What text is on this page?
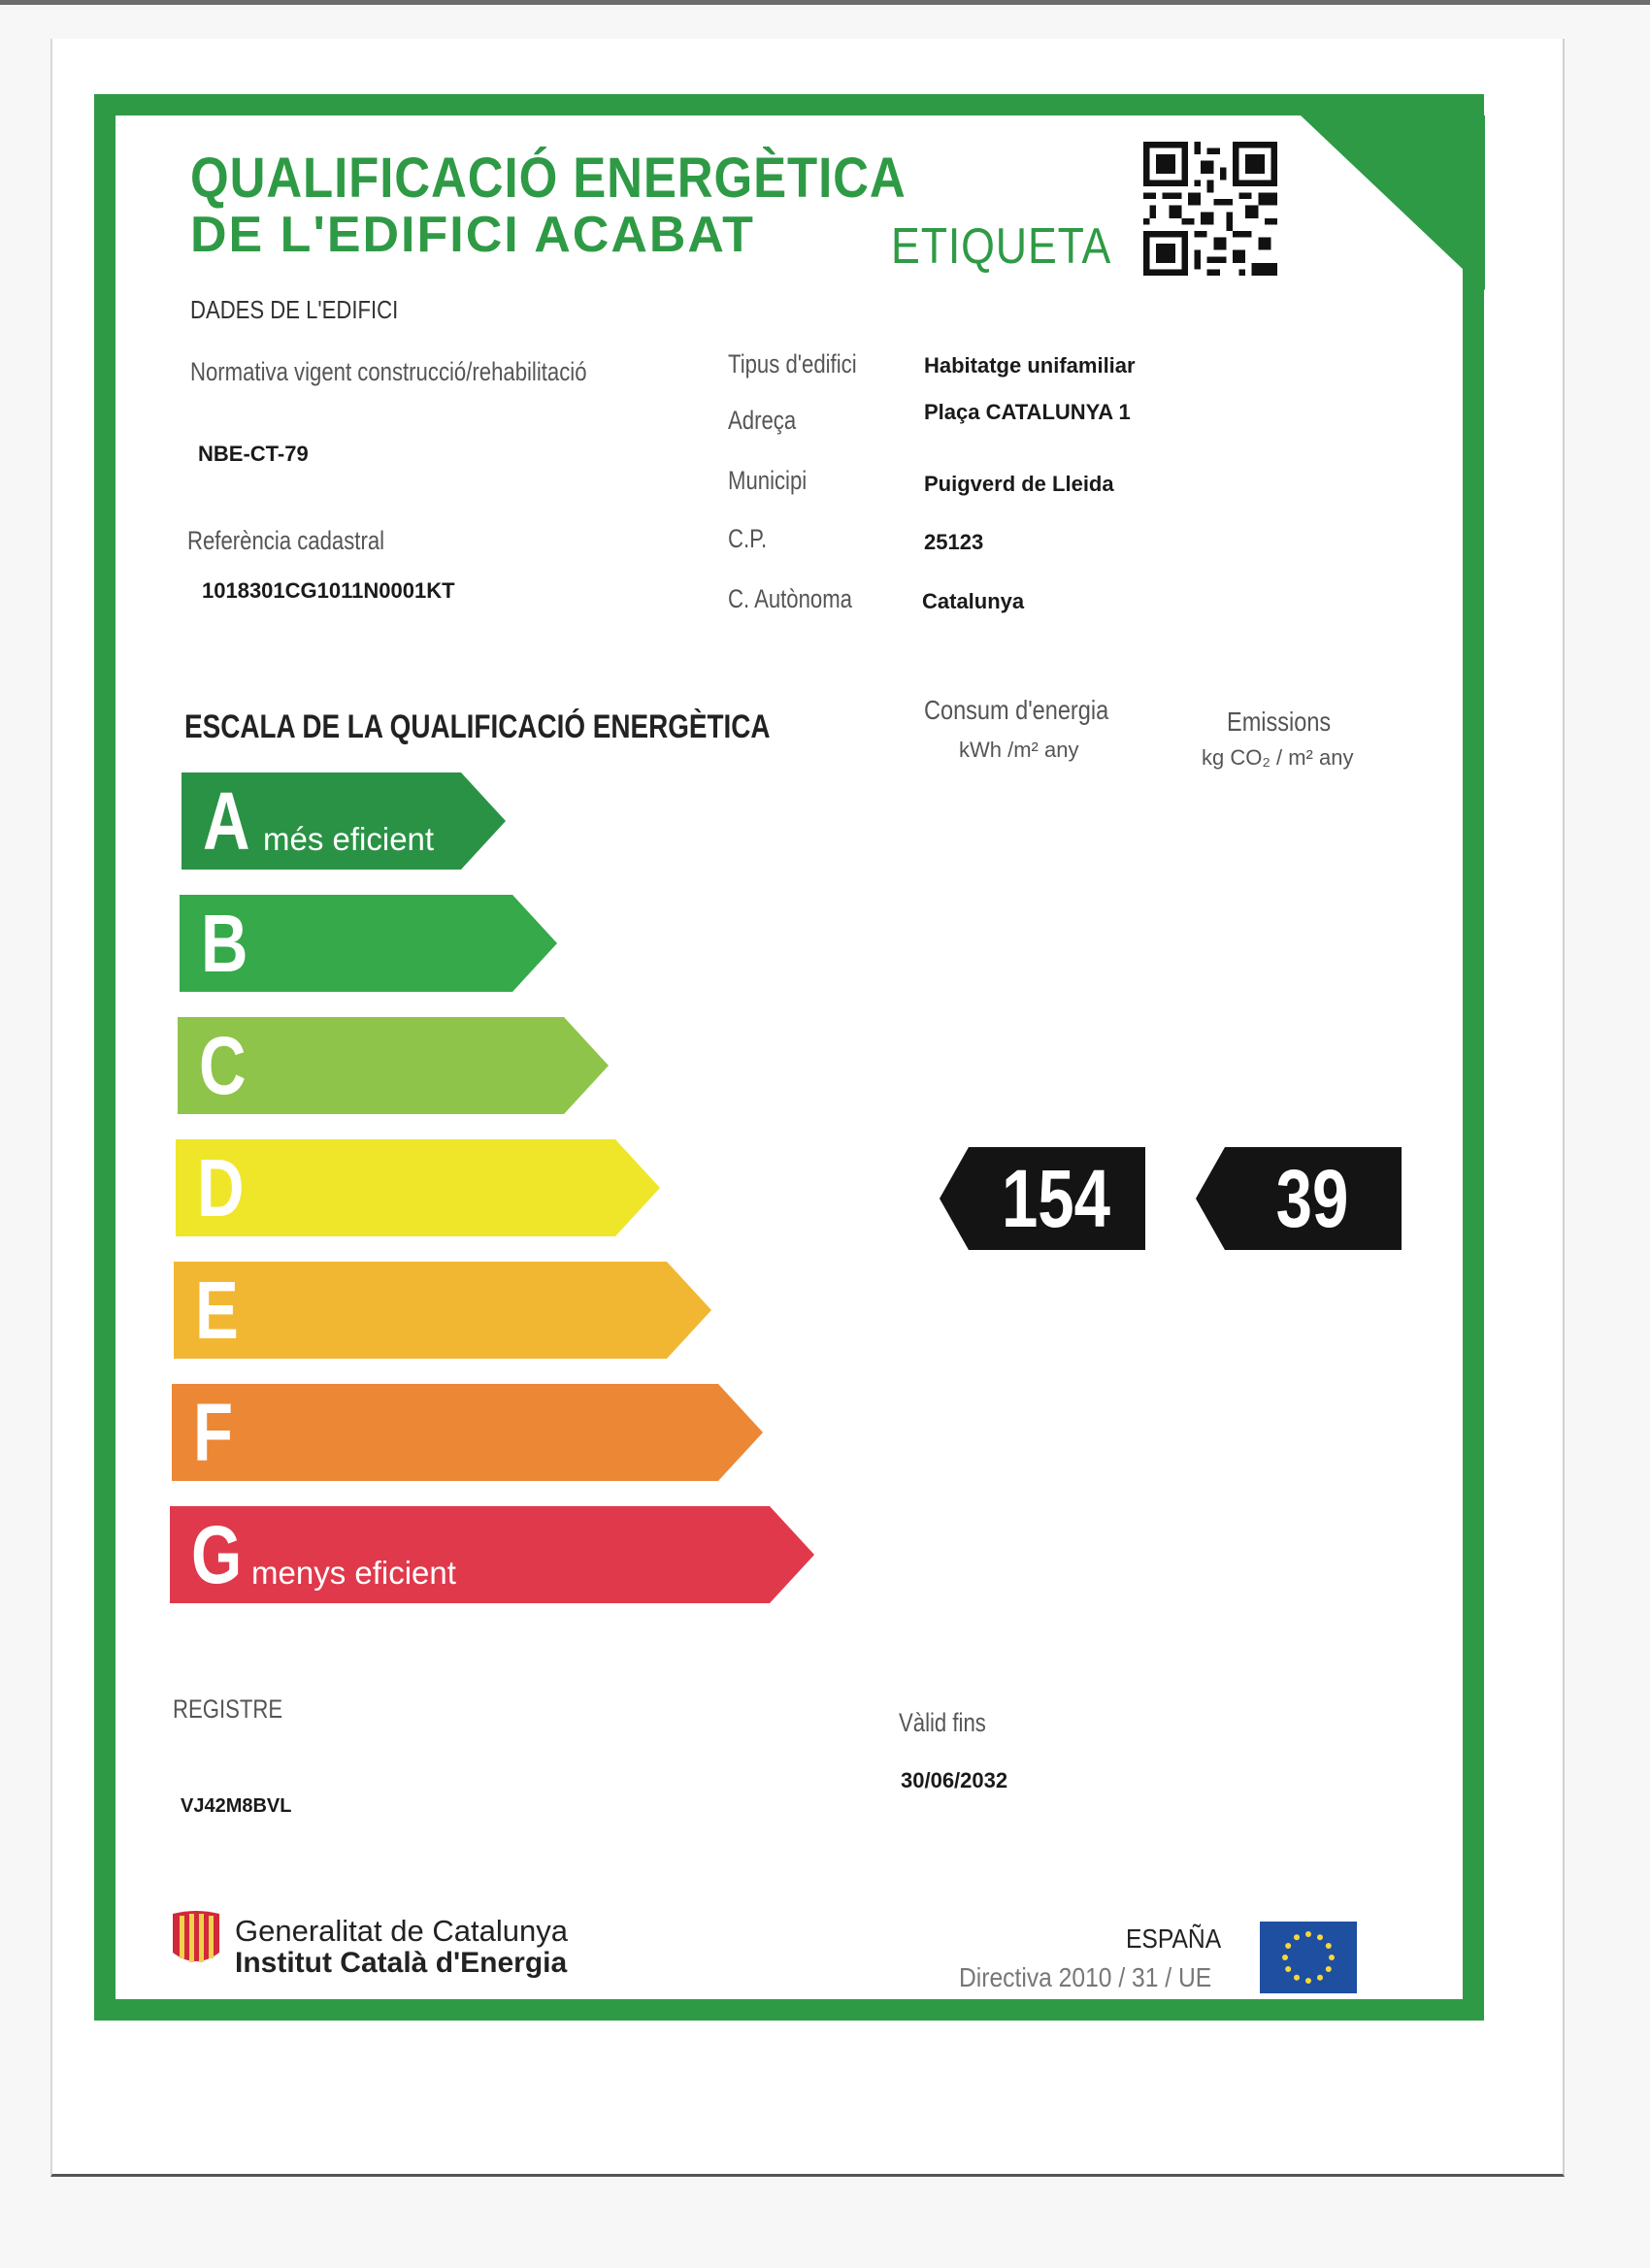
QUALIFICACIÓ ENERGÈTICA
DE L'EDIFICI ACABAT	ETIQUETA
DADES DE L'EDIFICI
Normativa vigent construcció/rehabilitació
NBE-CT-79
Referència cadastral
1018301CG1011N0001KT
Tipus d'edifici	Habitatge unifamiliar
Adreça	Plaça CATALUNYA 1
Municipi	Puigverd de Lleida
C.P.	25123
C. Autònoma	Catalunya
ESCALA DE LA QUALIFICACIÓ ENERGÈTICA	Consum d'energia
kWh /m² any
Emissions
kg CO₂ / m² any
A més eficient
B
C
D
E
F
G menys eficient
154	39
REGISTRE
VJ42M8BVL
Vàlid fins
30/06/2032
Generalitat de Catalunya
Institut Català d'Energia
ESPAÑA
Directiva 2010 / 31 / UE
